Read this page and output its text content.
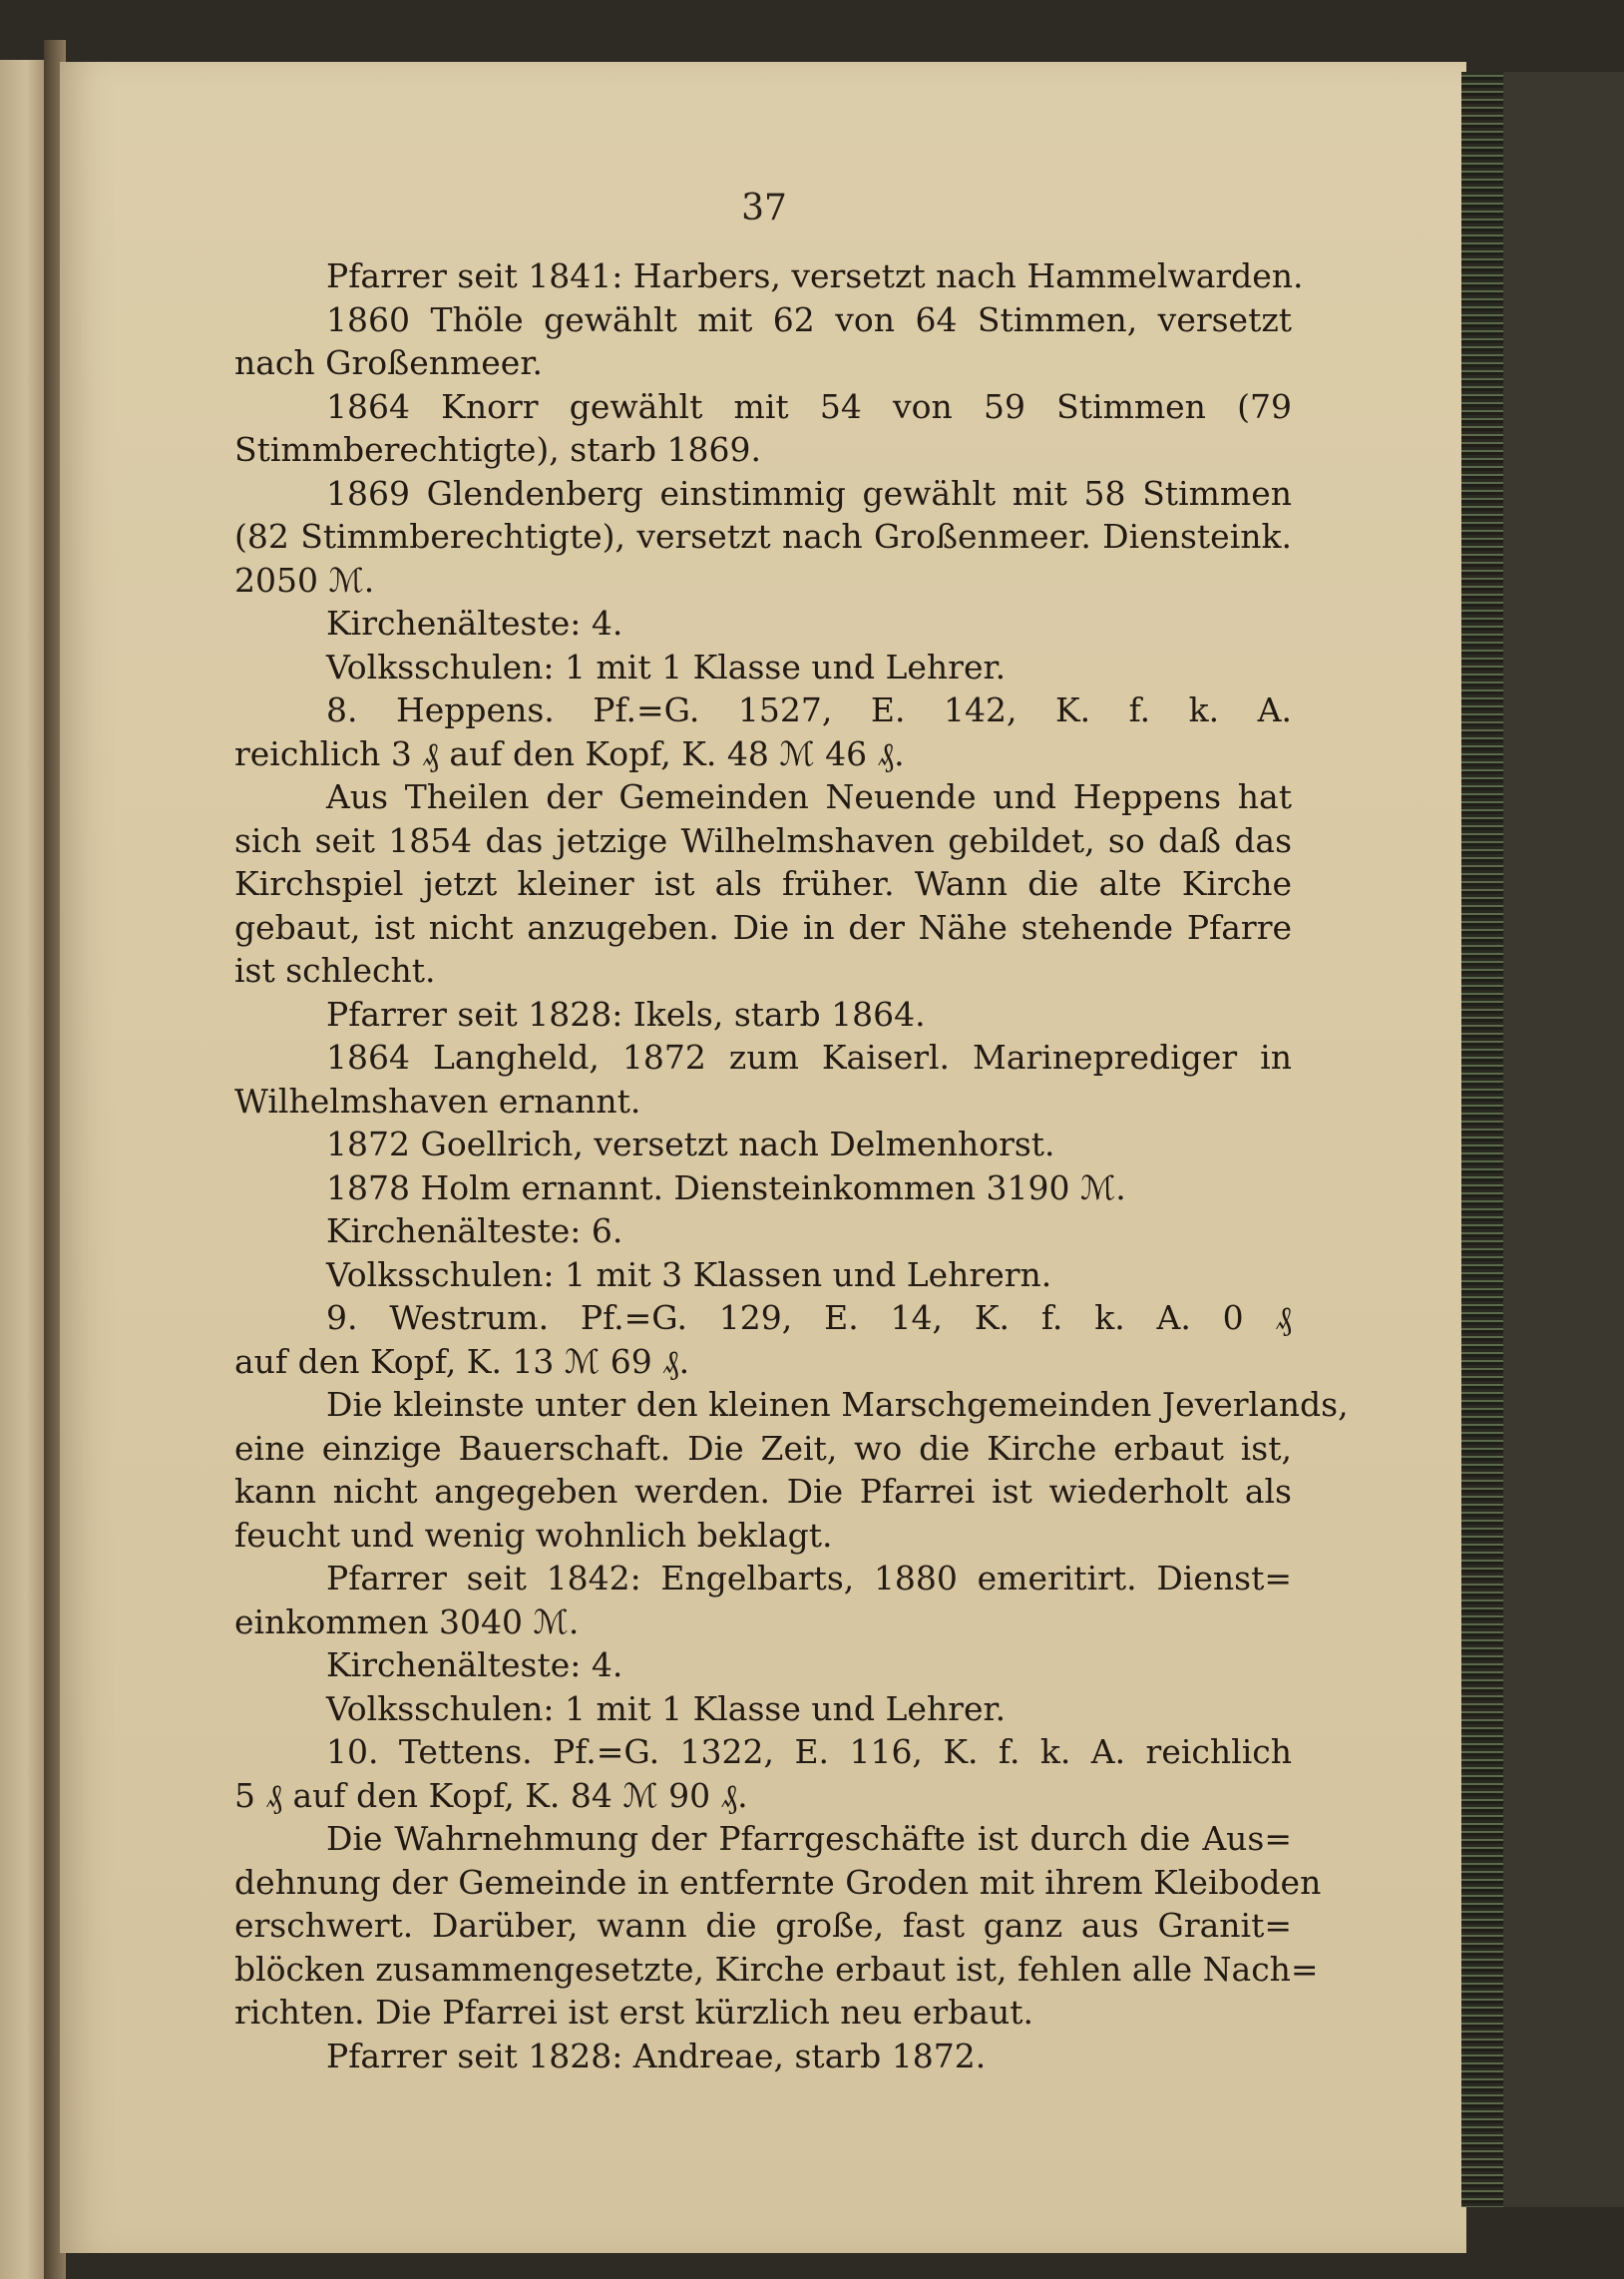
37
Pfarrer seit 1841: Harbers, versetzt nach Hammelwarden.
1860 Thöle gewählt mit 62 von 64 Stimmen, versetzt
nach Großenmeer.
1864 Knorr gewählt mit 54 von 59 Stimmen (79
Stimmberechtigte), starb 1869.
1869 Glendenberg einstimmig gewählt mit 58 Stimmen
(82 Stimmberechtigte), versetzt nach Großenmeer. Diensteink.
2050 ℳ.
Kirchenälteste: 4.
Volksschulen: 1 mit 1 Klasse und Lehrer.
8. Heppens. Pf.=G. 1527, E. 142, K. f. k. A.
reichlich 3 ₰ auf den Kopf, K. 48 ℳ 46 ₰.
Aus Theilen der Gemeinden Neuende und Heppens hat
sich seit 1854 das jetzige Wilhelmshaven gebildet, so daß das
Kirchspiel jetzt kleiner ist als früher. Wann die alte Kirche
gebaut, ist nicht anzugeben. Die in der Nähe stehende Pfarre
ist schlecht.
Pfarrer seit 1828: Ikels, starb 1864.
1864 Langheld, 1872 zum Kaiserl. Marineprediger in
Wilhelmshaven ernannt.
1872 Goellrich, versetzt nach Delmenhorst.
1878 Holm ernannt. Diensteinkommen 3190 ℳ.
Kirchenälteste: 6.
Volksschulen: 1 mit 3 Klassen und Lehrern.
9. Westrum. Pf.=G. 129, E. 14, K. f. k. A. 0 ₰
auf den Kopf, K. 13 ℳ 69 ₰.
Die kleinste unter den kleinen Marschgemeinden Jeverlands,
eine einzige Bauerschaft. Die Zeit, wo die Kirche erbaut ist,
kann nicht angegeben werden. Die Pfarrei ist wiederholt als
feucht und wenig wohnlich beklagt.
Pfarrer seit 1842: Engelbarts, 1880 emeritirt. Dienst=
einkommen 3040 ℳ.
Kirchenälteste: 4.
Volksschulen: 1 mit 1 Klasse und Lehrer.
10. Tettens. Pf.=G. 1322, E. 116, K. f. k. A. reichlich
5 ₰ auf den Kopf, K. 84 ℳ 90 ₰.
Die Wahrnehmung der Pfarrgeschäfte ist durch die Aus=
dehnung der Gemeinde in entfernte Groden mit ihrem Kleiboden
erschwert. Darüber, wann die große, fast ganz aus Granit=
blöcken zusammengesetzte, Kirche erbaut ist, fehlen alle Nach=
richten. Die Pfarrei ist erst kürzlich neu erbaut.
Pfarrer seit 1828: Andreae, starb 1872.
